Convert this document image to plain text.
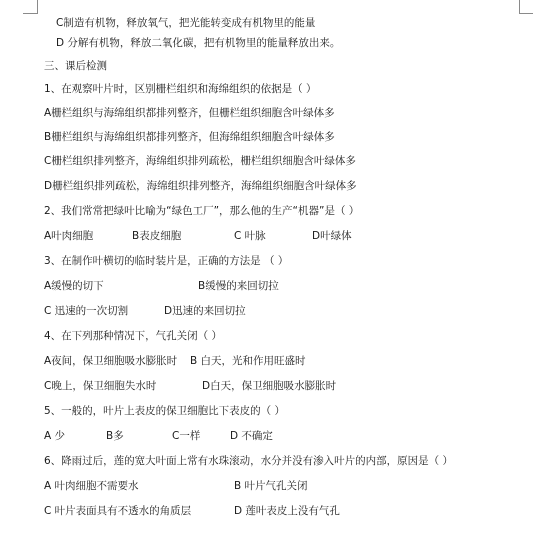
C制造有机物，释放氧气，把光能转变成有机物里的能量
D 分解有机物，释放二氧化碳，把有机物里的能量释放出来。
三、课后检测
1、在观察叶片时，区别栅栏组织和海绵组织的依据是（ ）
A栅栏组织与海绵组织都排列整齐，但栅栏组织细胞含叶绿体多
B栅栏组织与海绵组织都排列整齐，但海绵组织细胞含叶绿体多
C栅栏组织排列整齐，海绵组织排列疏松，栅栏组织细胞含叶绿体多
D栅栏组织排列疏松，海绵组织排列整齐，海绵组织细胞含叶绿体多
2、我们常常把绿叶比喻为“绿色工厂”，那么他的生产“机器”是（ ）
A叶肉细胞	B表皮细胞	C 叶脉	D叶绿体
3、在制作叶横切的临时装片是，正确的方法是 （ ）
A缓慢的切下	B缓慢的来回切拉
C 迅速的一次切割	D迅速的来回切拉
4、在下列那种情况下，气孔关闭（ ）
A夜间，保卫细胞吸水膨胀时 B 白天，光和作用旺盛时
C晚上，保卫细胞失水时	D白天，保卫细胞吸水膨胀时
5、一般的，叶片上表皮的保卫细胞比下表皮的（ ）
A 少	B多	C一样	D 不确定
6、降雨过后，莲的宽大叶面上常有水珠滚动，水分并没有渗入叶片的内部，原因是（ ）
A 叶肉细胞不需要水	B 叶片气孔关闭
C 叶片表面具有不透水的角质层	D 莲叶表皮上没有气孔
